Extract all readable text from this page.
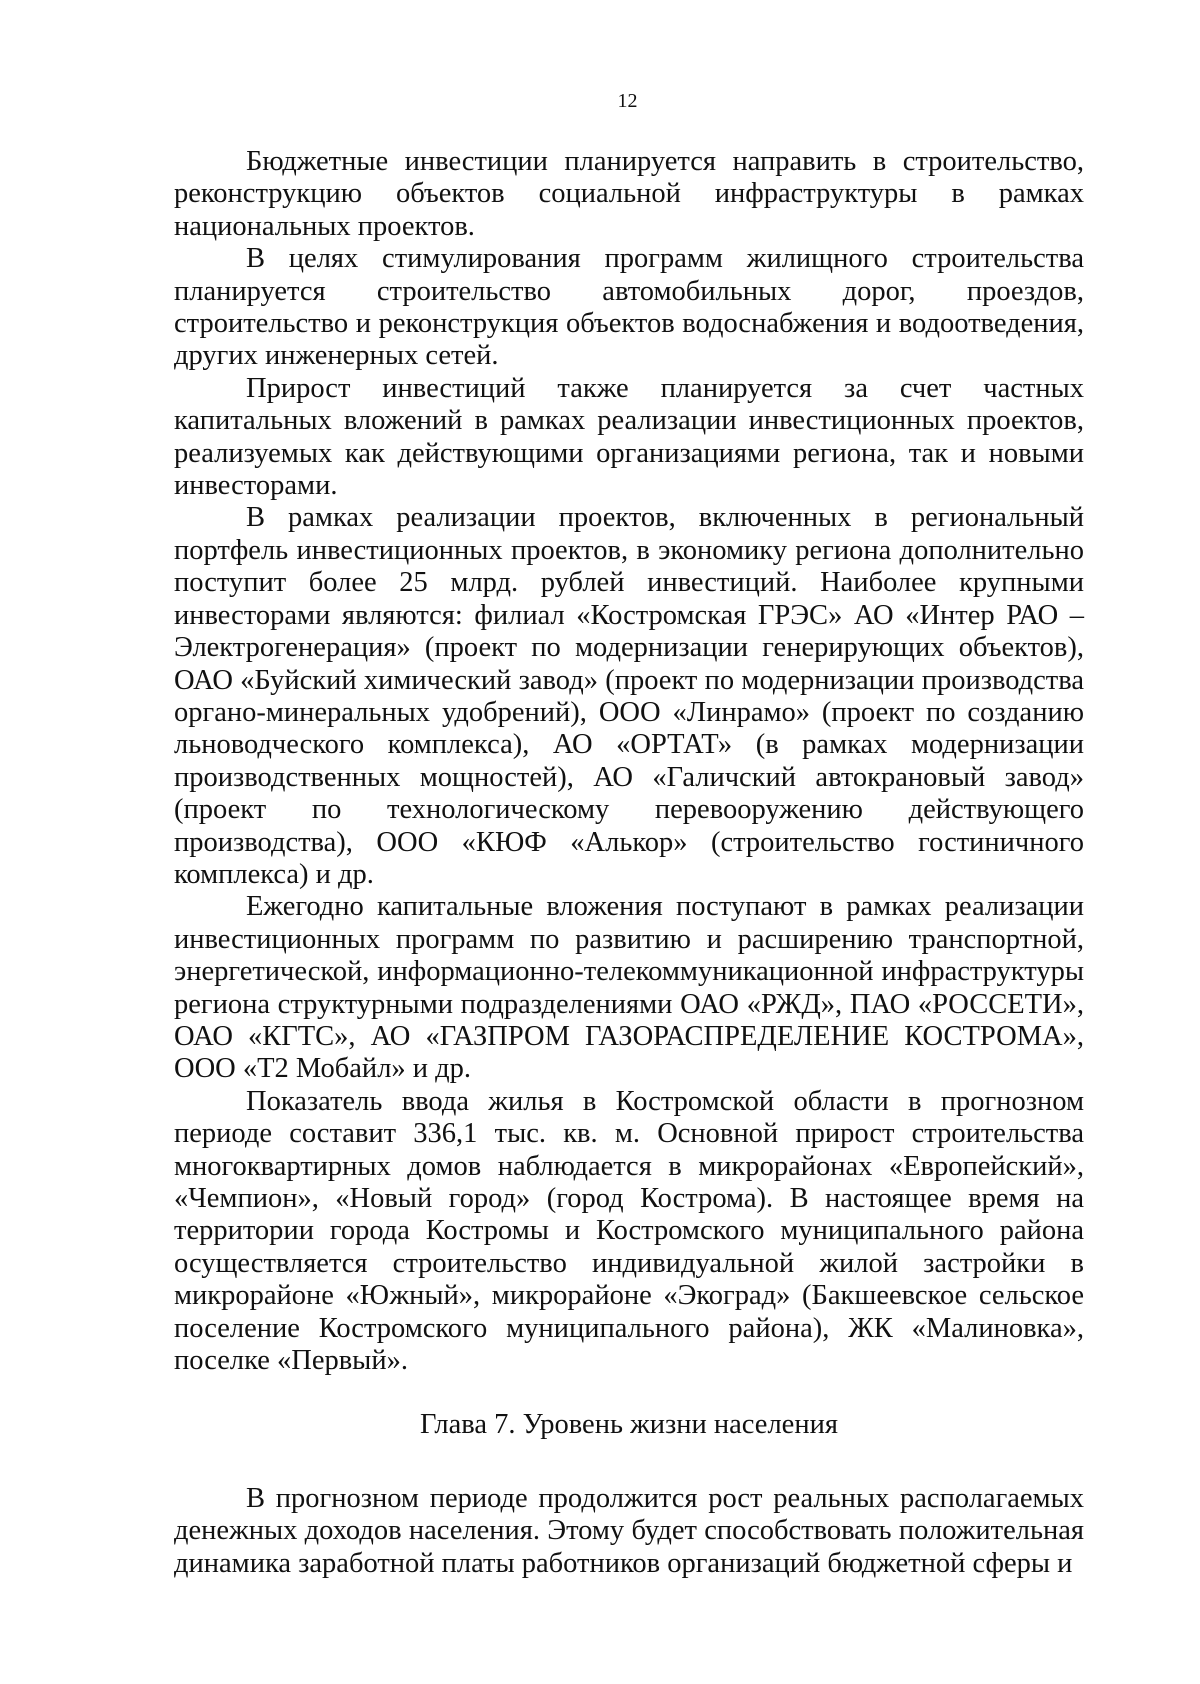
12

Бюджетные инвестиции планируется направить в строительство, реконструкцию объектов социальной инфраструктуры в рамках национальных проектов.

В целях стимулирования программ жилищного строительства планируется строительство автомобильных дорог, проездов, строительство и реконструкция объектов водоснабжения и водоотведения, других инженерных сетей.

Прирост инвестиций также планируется за счет частных капитальных вложений в рамках реализации инвестиционных проектов, реализуемых как действующими организациями региона, так и новыми инвесторами.

В рамках реализации проектов, включенных в региональный портфель инвестиционных проектов, в экономику региона дополнительно поступит более 25 млрд. рублей инвестиций. Наиболее крупными инвесторами являются: филиал «Костромская ГРЭС» АО «Интер РАО – Электрогенерация» (проект по модернизации генерирующих объектов), ОАО «Буйский химический завод» (проект по модернизации производства органо-минеральных удобрений), ООО «Линрамо» (проект по созданию льноводческого комплекса), АО «ОРТАТ» (в рамках модернизации производственных мощностей), АО «Галичский автокрановый завод» (проект по технологическому перевооружению действующего производства), ООО «КЮФ «Алькор» (строительство гостиничного комплекса) и др.

Ежегодно капитальные вложения поступают в рамках реализации инвестиционных программ по развитию и расширению транспортной, энергетической, информационно-телекоммуникационной инфраструктуры региона структурными подразделениями ОАО «РЖД», ПАО «РОССЕТИ», ОАО «КГТС», АО «ГАЗПРОМ ГАЗОРАСПРЕДЕЛЕНИЕ КОСТРОМА», ООО «Т2 Мобайл» и др.

Показатель ввода жилья в Костромской области в прогнозном периоде составит 336,1 тыс. кв. м. Основной прирост строительства многоквартирных домов наблюдается в микрорайонах «Европейский», «Чемпион», «Новый город» (город Кострома). В настоящее время на территории города Костромы и Костромского муниципального района осуществляется строительство индивидуальной жилой застройки в микрорайоне «Южный», микрорайоне «Экоград» (Бакшеевское сельское поселение Костромского муниципального района), ЖК «Малиновка», поселке «Первый».

Глава 7. Уровень жизни населения

В прогнозном периоде продолжится рост реальных располагаемых денежных доходов населения. Этому будет способствовать положительная динамика заработной платы работников организаций бюджетной сферы и
